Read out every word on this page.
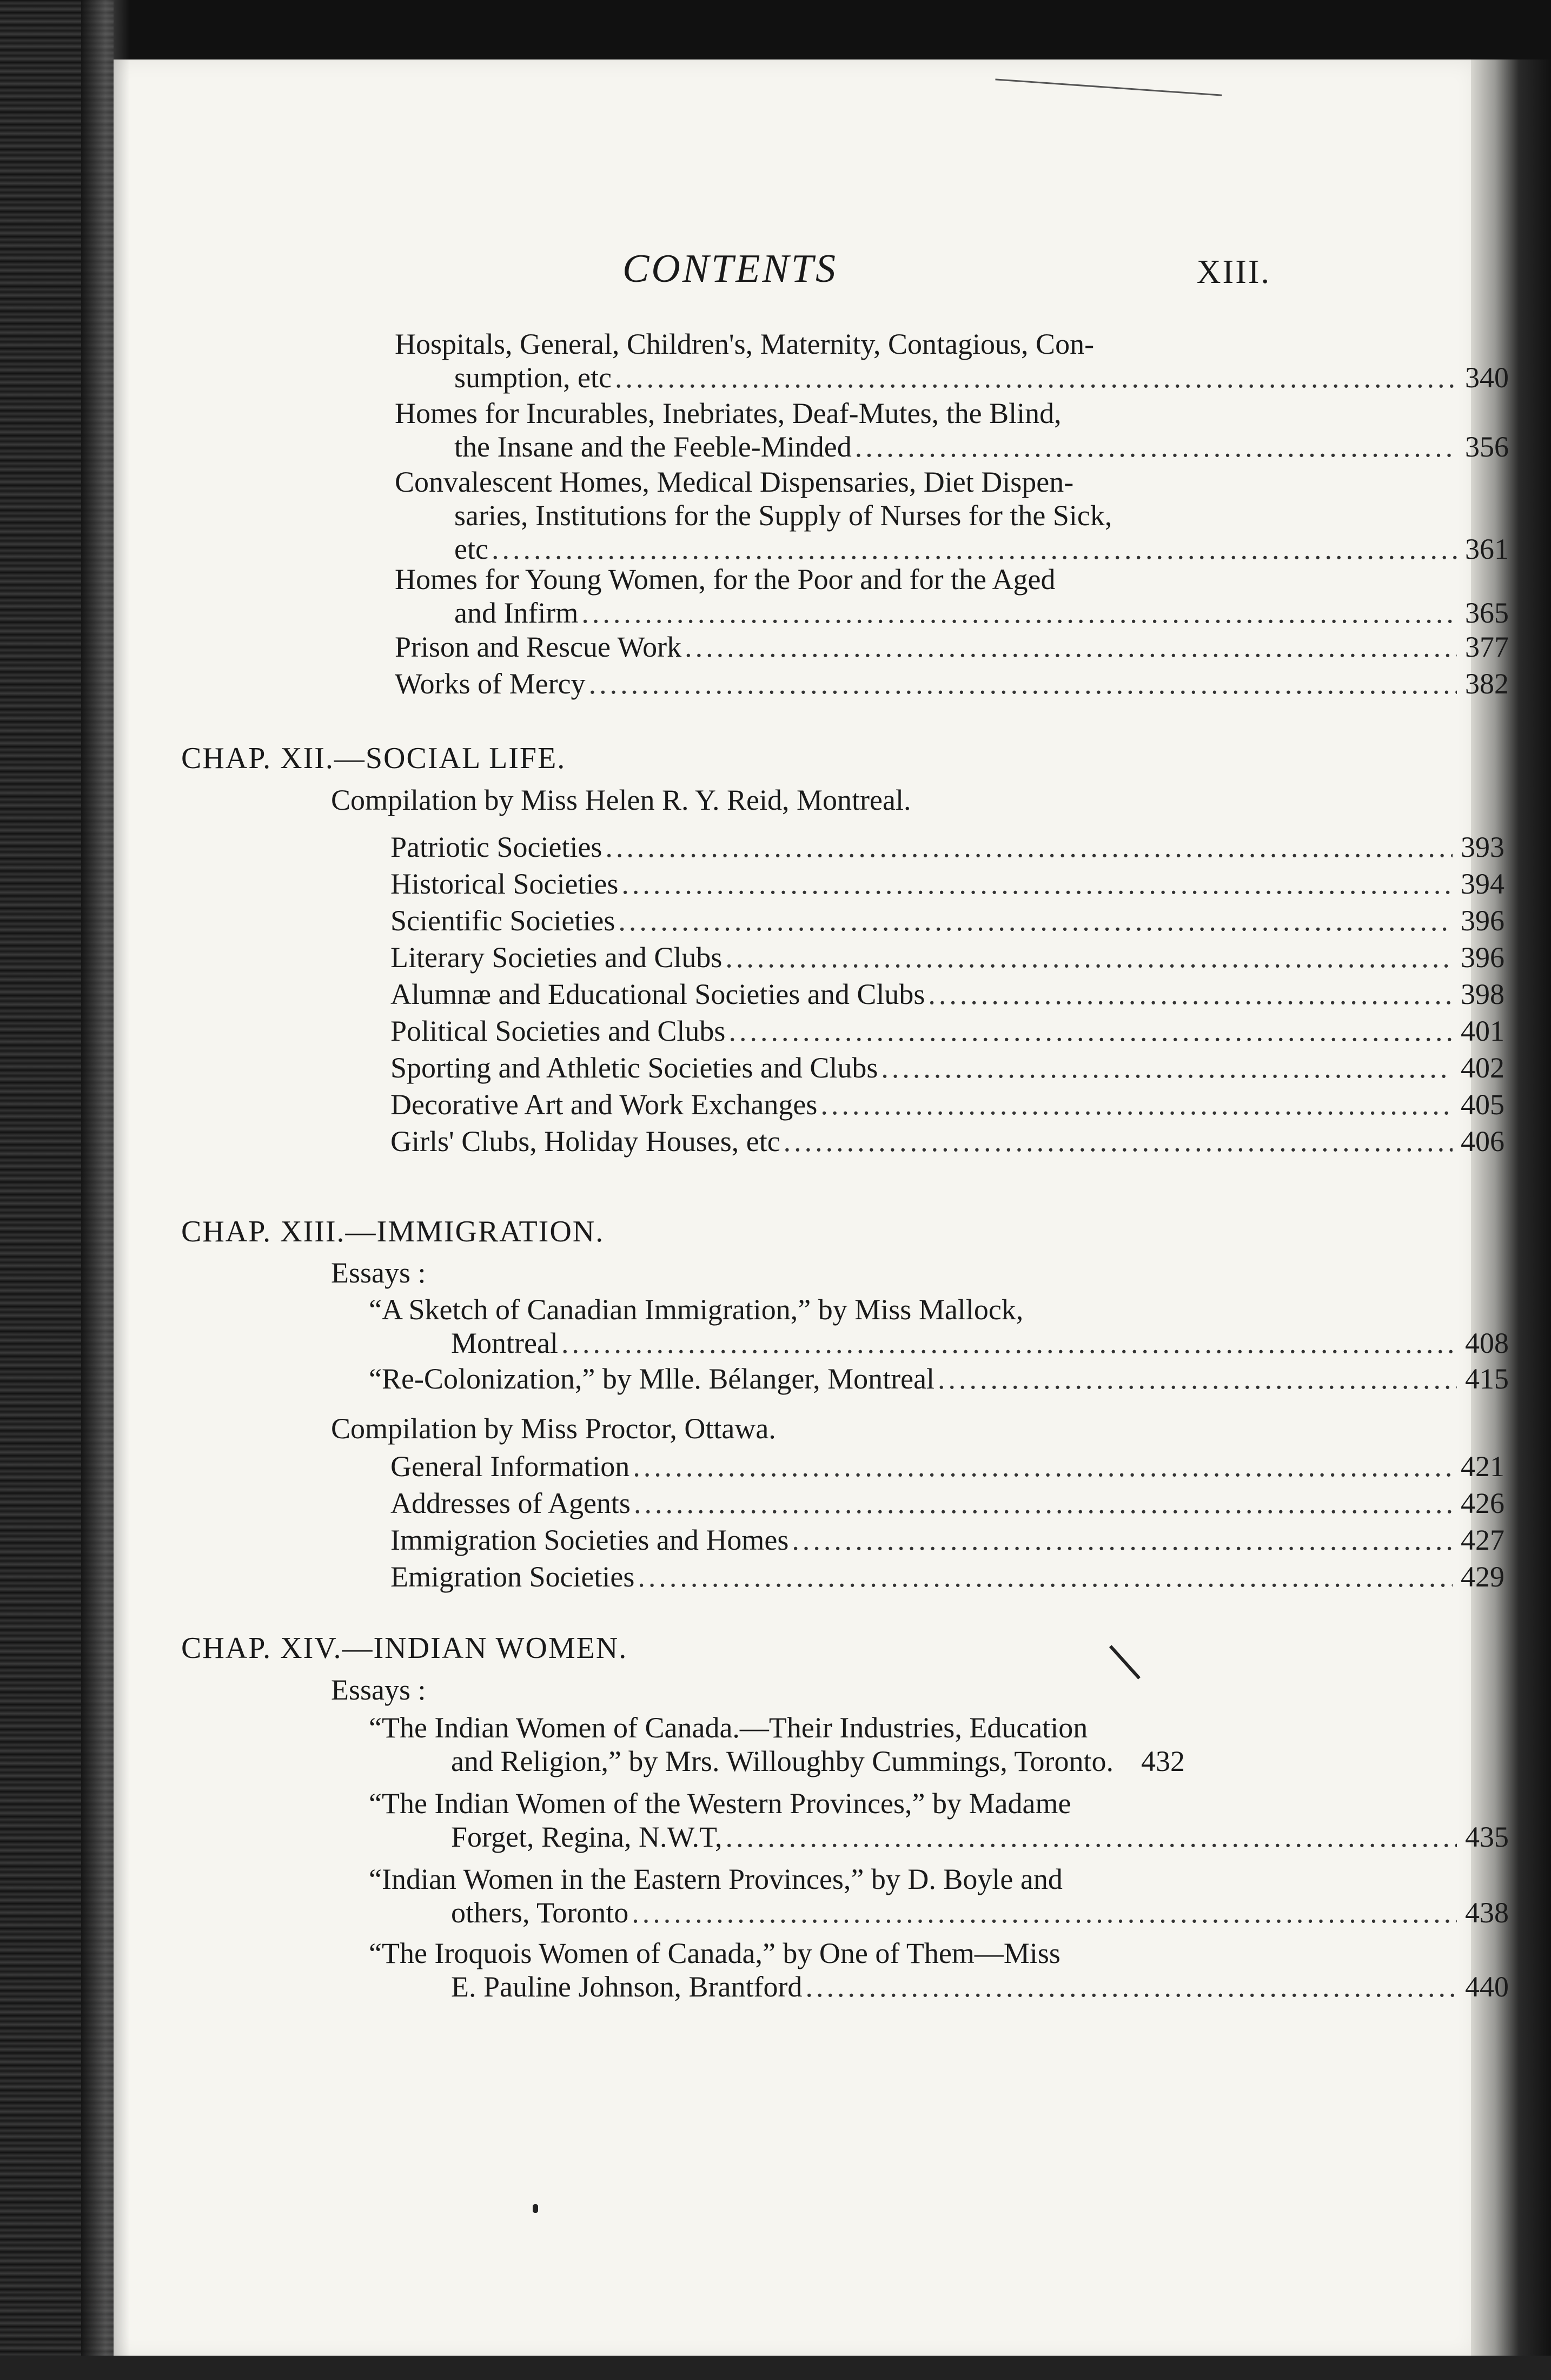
CONTENTS	XIII.
Hospitals, General, Children's, Maternity, Contagious, Con-
sumption, etc .....	340
Homes for Incurables, Inebriates, Deaf-Mutes, the Blind,
the Insane and the Feeble-Minded .....	356
Convalescent Homes, Medical Dispensaries, Diet Dispen-
saries, Institutions for the Supply of Nurses for the Sick,
etc .....	361
Homes for Young Women, for the Poor and for the Aged
and Infirm .....	365
Prison and Rescue Work .....	377
Works of Mercy .....	382
CHAP. XII.—SOCIAL LIFE.
Compilation by Miss Helen R. Y. Reid, Montreal.
Patriotic Societies .....	393
Historical Societies .....	394
Scientific Societies .....	396
Literary Societies and Clubs .....	396
Alumnæ and Educational Societies and Clubs .....	398
Political Societies and Clubs .....	401
Sporting and Athletic Societies and Clubs .....	402
Decorative Art and Work Exchanges .....	405
Girls' Clubs, Holiday Houses, etc .....	406
CHAP. XIII.—IMMIGRATION.
Essays :
“A Sketch of Canadian Immigration,” by Miss Mallock,
Montreal .....	408
“Re-Colonization,” by Mlle. Bélanger, Montreal .....	415
Compilation by Miss Proctor, Ottawa.
General Information .....	421
Addresses of Agents .....	426
Immigration Societies and Homes .....	427
Emigration Societies .....	429
CHAP. XIV.—INDIAN WOMEN.
Essays :
“The Indian Women of Canada.—Their Industries, Education
and Religion,” by Mrs. Willoughby Cummings, Toronto. 432
“The Indian Women of the Western Provinces,” by Madame
Forget, Regina, N.W.T, .....	435
“Indian Women in the Eastern Provinces,” by D. Boyle and
others, Toronto .....	438
“The Iroquois Women of Canada,” by One of Them—Miss
E. Pauline Johnson, Brantford .....	440
